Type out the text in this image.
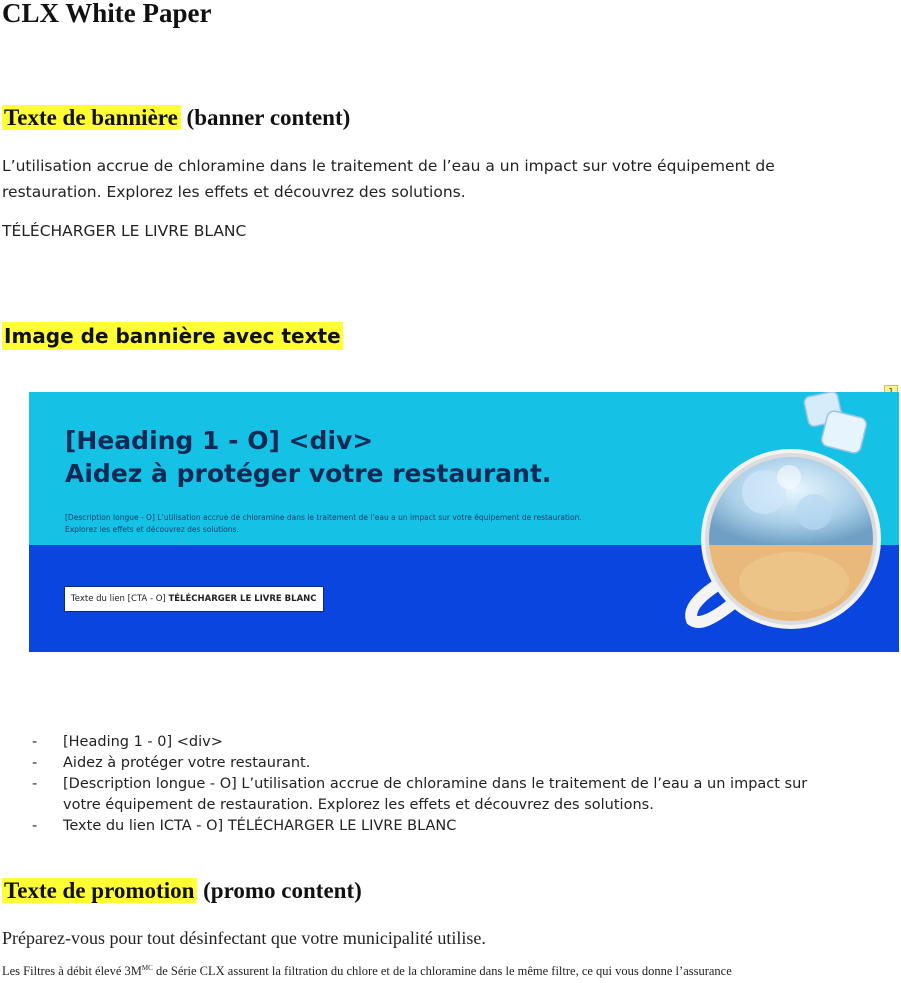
CLX White Paper
Texte de bannière (banner content)

L’utilisation accrue de chloramine dans le traitement de l’eau a un impact sur votre équipement de
restauration. Explorez les effets et découvrez des solutions.

TÉLÉCHARGER LE LIVRE BLANC

Image de bannière avec texte
[Heading 1 - O] <div>
Aidez à protéger votre restaurant.

[Description longue - O] L’utilisation accrue de chloramine dans le traitement de l’eau a un impact sur votre équipement de restauration.
Explorez les effets et découvrez des solutions.

Texte du lien [CTA - O] TÉLÉCHARGER LE LIVRE BLANC
- [Heading 1 - 0] <div>
- Aidez à protéger votre restaurant.
- [Description longue - O] L’utilisation accrue de chloramine dans le traitement de l’eau a un impact sur
votre équipement de restauration. Explorez les effets et découvrez des solutions.
- Texte du lien ICTA - O] TÉLÉCHARGER LE LIVRE BLANC
Texte de promotion (promo content)

Préparez-vous pour tout désinfectant que votre municipalité utilise.

Les Filtres à débit élevé $3M^{MC}$ de Série CLX assurent la filtration du chlore et de la chloramine dans le même filtre, ce qui vous donne l’assurance
